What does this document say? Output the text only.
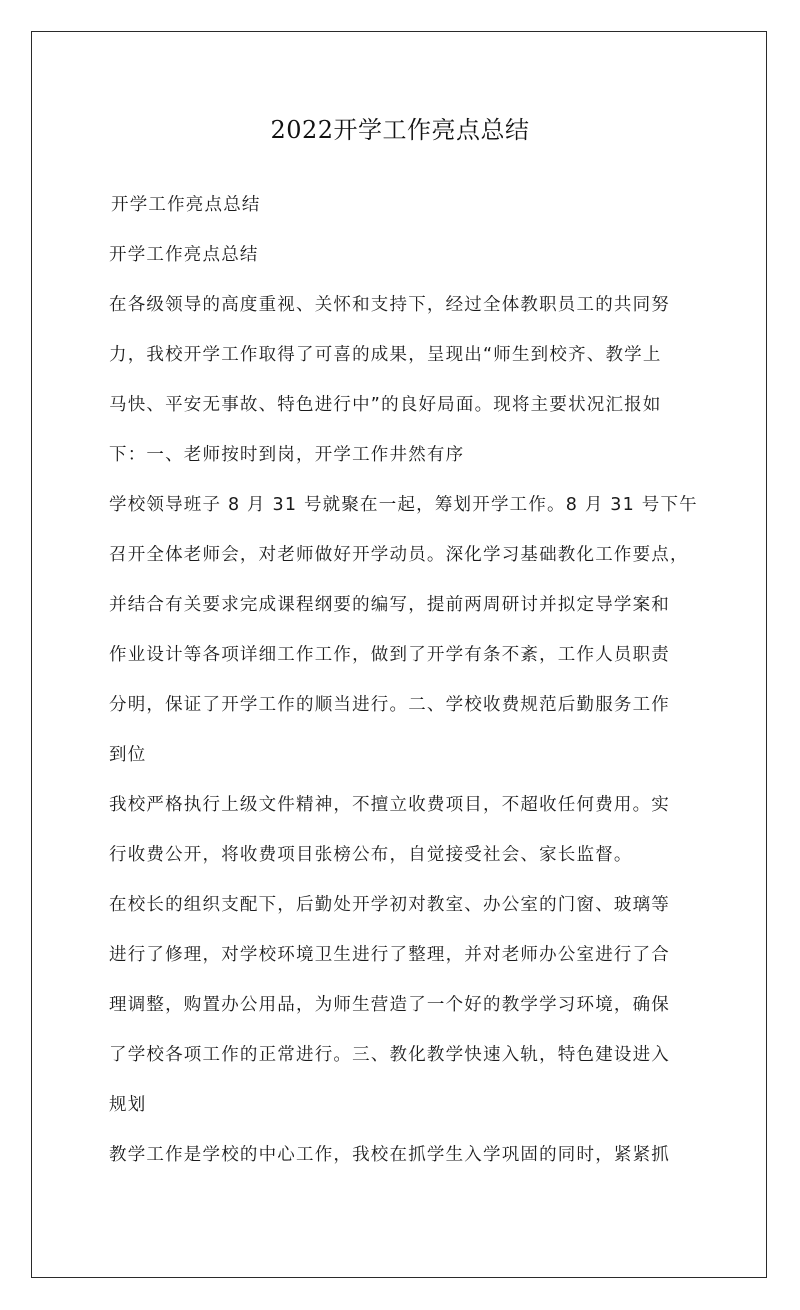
2022开学工作亮点总结
开学工作亮点总结
开学工作亮点总结
在各级领导的高度重视、关怀和支持下，经过全体教职员工的共同努
力，我校开学工作取得了可喜的成果，呈现出“师生到校齐、教学上
马快、平安无事故、特色进行中”的良好局面。现将主要状况汇报如
下：一、老师按时到岗，开学工作井然有序
学校领导班子 8 月 31 号就聚在一起，筹划开学工作。8 月 31 号下午
召开全体老师会，对老师做好开学动员。深化学习基础教化工作要点，
并结合有关要求完成课程纲要的编写，提前两周研讨并拟定导学案和
作业设计等各项详细工作工作，做到了开学有条不紊，工作人员职责
分明，保证了开学工作的顺当进行。二、学校收费规范后勤服务工作
到位
我校严格执行上级文件精神，不擅立收费项目，不超收任何费用。实
行收费公开，将收费项目张榜公布，自觉接受社会、家长监督。
在校长的组织支配下，后勤处开学初对教室、办公室的门窗、玻璃等
进行了修理，对学校环境卫生进行了整理，并对老师办公室进行了合
理调整，购置办公用品，为师生营造了一个好的教学学习环境，确保
了学校各项工作的正常进行。三、教化教学快速入轨，特色建设进入
规划
教学工作是学校的中心工作，我校在抓学生入学巩固的同时，紧紧抓
